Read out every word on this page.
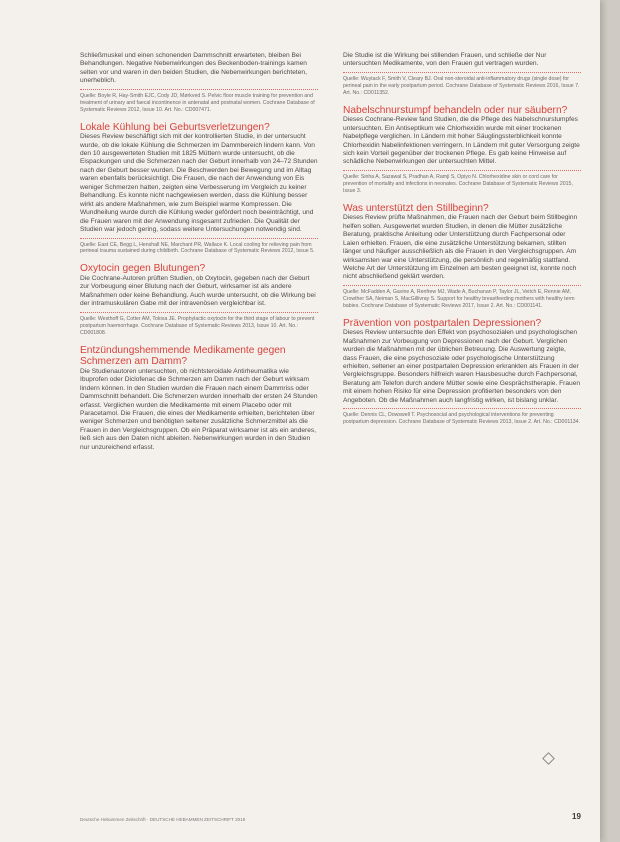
Schließmuskel und einen schonenden Dammschnitt erwarteten, bleiben Bei Behandlungen. Negative Nebenwirkungen des Beckenboden-trainings kamen selten vor und waren in den beiden Studien, die Nebenwirkungen berichteten, unerheblich.

Quelle: Boyle R, Hay-Smith EJC, Cody JD, Mørkved S. Pelvic floor muscle training for prevention and treatment of urinary and faecal incontinence in antenatal and postnatal women. Cochrane Database of Systematic Reviews 2012, Issue 10. Art. No.: CD007471.

Lokale Kühlung bei Geburtsverletzungen?

Dieses Review beschäftigt sich mit der kontrollierten Studie, in der untersucht wurde, ob die lokale Kühlung die Schmerzen im Dammbereich lindern kann. Von den 10 ausgewerteten Studien mit 1825 Müttern wurde untersucht, ob die Eispackungen und die Schmerzen nach der Geburt innerhalb von 24–72 Stunden nach der Geburt besser wurden. Die Beschwerden bei Bewegung und im Alltag waren ebenfalls berücksichtigt. Die Frauen, die nach der Anwendung von Eis weniger Schmerzen hatten, zeigten eine Verbesserung im Vergleich zu keiner Behandlung. Es konnte nicht nachgewiesen werden, dass die Kühlung besser wirkt als andere Maßnahmen, wie zum Beispiel warme Kompressen. Die Wundheilung wurde durch die Kühlung weder gefördert noch beeinträchtigt, und die Frauen waren mit der Anwendung insgesamt zufrieden. Die Qualität der Studien war jedoch gering, sodass weitere Untersuchungen notwendig sind.

Quelle: East CE, Begg L, Henshall NE, Marchant PR, Wallace K. Local cooling for relieving pain from perineal trauma sustained during childbirth. Cochrane Database of Systematic Reviews 2012, Issue 5.

Oxytocin gegen Blutungen?

Die Cochrane-Autoren prüften Studien, ob Oxytocin, gegeben nach der Geburt zur Vorbeugung einer Blutung nach der Geburt, wirksamer ist als andere Maßnahmen oder keine Behandlung. Auch wurde untersucht, ob die Wirkung bei der intramuskulären Gabe mit der intravenösen vergleichbar ist.

Quelle: Westhoff G, Cotter AM, Tolosa JE. Prophylactic oxytocin for the third stage of labour to prevent postpartum haemorrhage. Cochrane Database of Systematic Reviews 2013, Issue 10. Art. No.: CD001808.

Entzündungshemmende Medikamente gegen Schmerzen am Damm?

Die Studienautoren untersuchten, ob nichtsteroidale Antirheumatika wie Ibuprofen oder Diclofenac die Schmerzen am Damm nach der Geburt wirksam lindern können. In den Studien wurden die Frauen nach einem Dammriss oder Dammschnitt behandelt. Die Schmerzen wurden innerhalb der ersten 24 Stunden erfasst. Verglichen wurden die Medikamente mit einem Placebo oder mit Paracetamol. Die Frauen, die eines der Medikamente erhielten, berichteten über weniger Schmerzen und benötigten seltener zusätzliche Schmerzmittel als die Frauen in den Vergleichsgruppen. Ob ein Präparat wirksamer ist als ein anderes, ließ sich aus den Daten nicht ableiten. Nebenwirkungen wurden in den Studien nur unzureichend erfasst.

Die Studie ist die Wirkung bei stillenden Frauen, und schließe der Nur untersuchten Medikamente, von den Frauen gut vertragen wurden.

Quelle: Wuytack F, Smith V, Cleary BJ. Oral non-steroidal anti-inflammatory drugs (single dose) for perineal pain in the early postpartum period. Cochrane Database of Systematic Reviews 2016, Issue 7. Art. No.: CD011352.

Nabelschnurstumpf behandeln oder nur säubern?

Dieses Cochrane-Review fand Studien, die die Pflege des Nabelschnurstumpfes untersuchten. Ein Antiseptikum wie Chlorhexidin wurde mit einer trockenen Nabelpflege verglichen. In Ländern mit hoher Säuglingssterblichkeit konnte Chlorhexidin Nabelinfektionen verringern. In Ländern mit guter Versorgung zeigte sich kein Vorteil gegenüber der trockenen Pflege. Es gab keine Hinweise auf schädliche Nebenwirkungen der untersuchten Mittel.

Quelle: Sinha A, Sazawal S, Pradhan A, Ramji S, Opiyo N. Chlorhexidine skin or cord care for prevention of mortality and infections in neonates. Cochrane Database of Systematic Reviews 2015, Issue 3.

Was unterstützt den Stillbeginn?

Dieses Review prüfte Maßnahmen, die Frauen nach der Geburt beim Stillbeginn helfen sollen. Ausgewertet wurden Studien, in denen die Mütter zusätzliche Beratung, praktische Anleitung oder Unterstützung durch Fachpersonal oder Laien erhielten. Frauen, die eine zusätzliche Unterstützung bekamen, stillten länger und häufiger ausschließlich als die Frauen in den Vergleichsgruppen. Am wirksamsten war eine Unterstützung, die persönlich und regelmäßig stattfand. Welche Art der Unterstützung im Einzelnen am besten geeignet ist, konnte noch nicht abschließend geklärt werden.

Quelle: McFadden A, Gavine A, Renfrew MJ, Wade A, Buchanan P, Taylor JL, Veitch E, Rennie AM, Crowther SA, Neiman S, MacGillivray S. Support for healthy breastfeeding mothers with healthy term babies. Cochrane Database of Systematic Reviews 2017, Issue 2. Art. No.: CD001141.

Prävention von postpartalen Depressionen?

Dieses Review untersuchte den Effekt von psychosozialen und psychologischen Maßnahmen zur Vorbeugung von Depressionen nach der Geburt. Verglichen wurden die Maßnahmen mit der üblichen Betreuung. Die Auswertung zeigte, dass Frauen, die eine psychosoziale oder psychologische Unterstützung erhielten, seltener an einer postpartalen Depression erkrankten als Frauen in der Vergleichsgruppe. Besonders hilfreich waren Hausbesuche durch Fachpersonal, Beratung am Telefon durch andere Mütter sowie eine Gesprächstherapie. Frauen mit einem hohen Risiko für eine Depression profitierten besonders von den Angeboten. Ob die Maßnahmen auch langfristig wirken, ist bislang unklar.

Quelle: Dennis CL, Dowswell T. Psychosocial and psychological interventions for preventing postpartum depression. Cochrane Database of Systematic Reviews 2013, Issue 2. Art. No.: CD001134.

Deutsche Hebammen Zeitschrift · DEUTSCHE HEBAMMEN ZEITSCHRIFT 2018	19
